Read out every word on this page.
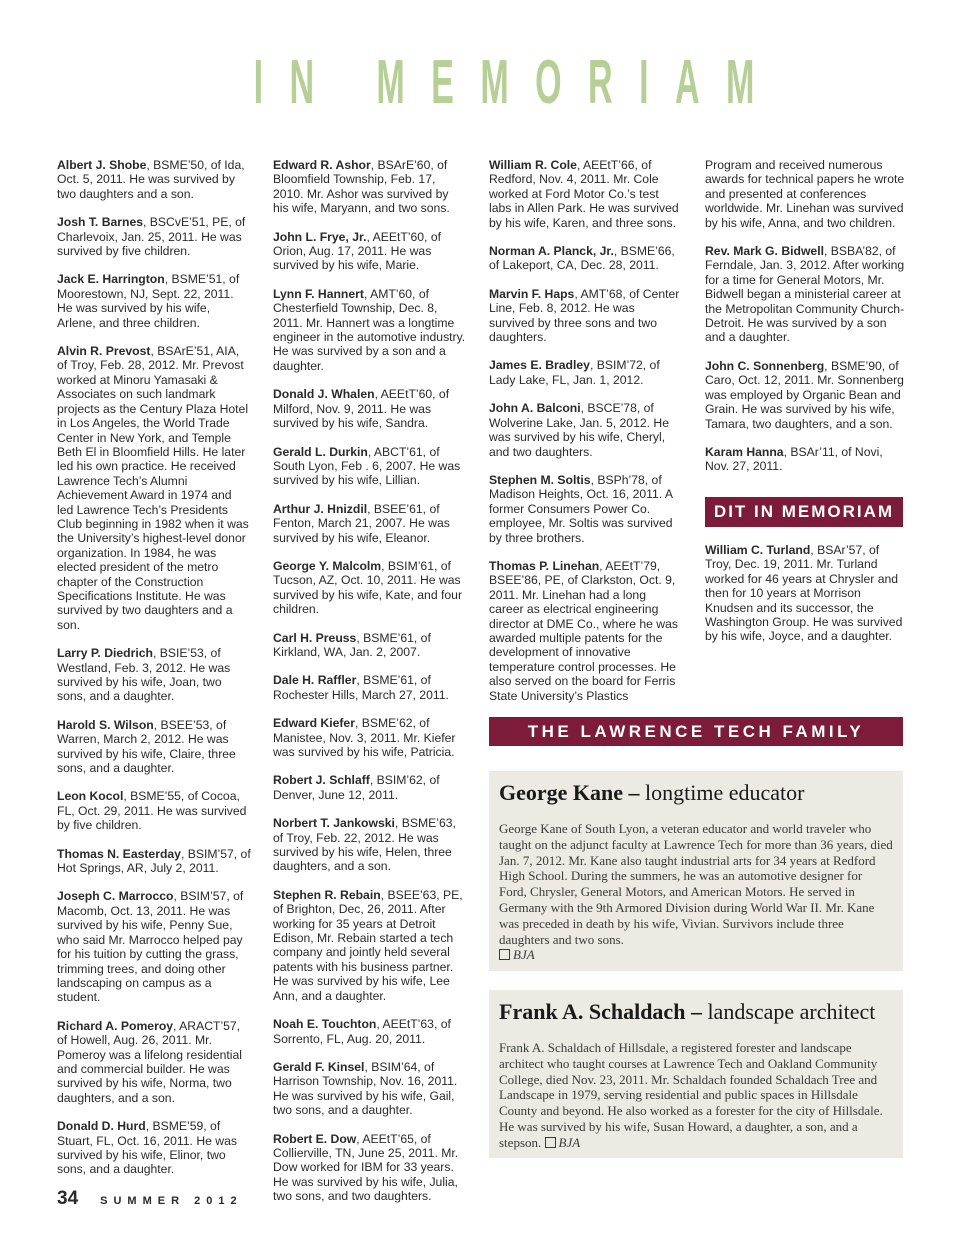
IN MEMORIAM
Albert J. Shobe, BSME’50, of Ida, Oct. 5, 2011. He was survived by two daughters and a son.
Josh T. Barnes, BSCvE’51, PE, of Charlevoix, Jan. 25, 2011. He was survived by five children.
Jack E. Harrington, BSME’51, of Moorestown, NJ, Sept. 22, 2011. He was survived by his wife, Arlene, and three children.
Alvin R. Prevost, BSArE’51, AIA, of Troy, Feb. 28, 2012. Mr. Prevost worked at Minoru Yamasaki & Associates on such landmark projects as the Century Plaza Hotel in Los Angeles, the World Trade Center in New York, and Temple Beth El in Bloomfield Hills. He later led his own practice. He received Lawrence Tech’s Alumni Achievement Award in 1974 and led Lawrence Tech’s Presidents Club beginning in 1982 when it was the University’s highest-level donor organization. In 1984, he was elected president of the metro chapter of the Construction Specifications Institute. He was survived by two daughters and a son.
Larry P. Diedrich, BSIE’53, of Westland, Feb. 3, 2012. He was survived by his wife, Joan, two sons, and a daughter.
Harold S. Wilson, BSEE’53, of Warren, March 2, 2012. He was survived by his wife, Claire, three sons, and a daughter.
Leon Kocol, BSME’55, of Cocoa, FL, Oct. 29, 2011. He was survived by five children.
Thomas N. Easterday, BSIM’57, of Hot Springs, AR, July 2, 2011.
Joseph C. Marrocco, BSIM’57, of Macomb, Oct. 13, 2011. He was survived by his wife, Penny Sue, who said Mr. Marrocco helped pay for his tuition by cutting the grass, trimming trees, and doing other landscaping on campus as a student.
Richard A. Pomeroy, ARACT’57, of Howell, Aug. 26, 2011. Mr. Pomeroy was a lifelong residential and commercial builder. He was survived by his wife, Norma, two daughters, and a son.
Donald D. Hurd, BSME’59, of Stuart, FL, Oct. 16, 2011. He was survived by his wife, Elinor, two sons, and a daughter.
Edward R. Ashor, BSArE’60, of Bloomfield Township, Feb. 17, 2010. Mr. Ashor was survived by his wife, Maryann, and two sons.
John L. Frye, Jr., AEEtT’60, of Orion, Aug. 17, 2011. He was survived by his wife, Marie.
Lynn F. Hannert, AMT’60, of Chesterfield Township, Dec. 8, 2011. Mr. Hannert was a longtime engineer in the automotive industry. He was survived by a son and a daughter.
Donald J. Whalen, AEEtT’60, of Milford, Nov. 9, 2011. He was survived by his wife, Sandra.
Gerald L. Durkin, ABCT’61, of South Lyon, Feb . 6, 2007. He was survived by his wife, Lillian.
Arthur J. Hnizdil, BSEE’61, of Fenton, March 21, 2007. He was survived by his wife, Eleanor.
George Y. Malcolm, BSIM’61, of Tucson, AZ, Oct. 10, 2011. He was survived by his wife, Kate, and four children.
Carl H. Preuss, BSME’61, of Kirkland, WA, Jan. 2, 2007.
Dale H. Raffler, BSME’61, of Rochester Hills, March 27, 2011.
Edward Kiefer, BSME’62, of Manistee, Nov. 3, 2011. Mr. Kiefer was survived by his wife, Patricia.
Robert J. Schlaff, BSIM’62, of Denver, June 12, 2011.
Norbert T. Jankowski, BSME’63, of Troy, Feb. 22, 2012. He was survived by his wife, Helen, three daughters, and a son.
Stephen R. Rebain, BSEE’63, PE, of Brighton, Dec, 26, 2011. After working for 35 years at Detroit Edison, Mr. Rebain started a tech company and jointly held several patents with his business partner. He was survived by his wife, Lee Ann, and a daughter.
Noah E. Touchton, AEEtT’63, of Sorrento, FL, Aug. 20, 2011.
Gerald F. Kinsel, BSIM’64, of Harrison Township, Nov. 16, 2011. He was survived by his wife, Gail, two sons, and a daughter.
Robert E. Dow, AEEtT’65, of Collierville, TN, June 25, 2011. Mr. Dow worked for IBM for 33 years. He was survived by his wife, Julia, two sons, and two daughters.
William R. Cole, AEEtT’66, of Redford, Nov. 4, 2011. Mr. Cole worked at Ford Motor Co.’s test labs in Allen Park. He was survived by his wife, Karen, and three sons.
Norman A. Planck, Jr., BSME’66, of Lakeport, CA, Dec. 28, 2011.
Marvin F. Haps, AMT’68, of Center Line, Feb. 8, 2012. He was survived by three sons and two daughters.
James E. Bradley, BSIM’72, of Lady Lake, FL, Jan. 1, 2012.
John A. Balconi, BSCE’78, of Wolverine Lake, Jan. 5, 2012. He was survived by his wife, Cheryl, and two daughters.
Stephen M. Soltis, BSPh’78, of Madison Heights, Oct. 16, 2011. A former Consumers Power Co. employee, Mr. Soltis was survived by three brothers.
Thomas P. Linehan, AEEtT’79, BSEE’86, PE, of Clarkston, Oct. 9, 2011. Mr. Linehan had a long career as electrical engineering director at DME Co., where he was awarded multiple patents for the development of innovative temperature control processes. He also served on the board for Ferris State University’s Plastics
Program and received numerous awards for technical papers he wrote and presented at conferences worldwide. Mr. Linehan was survived by his wife, Anna, and two children.
Rev. Mark G. Bidwell, BSBA’82, of Ferndale, Jan. 3, 2012. After working for a time for General Motors, Mr. Bidwell began a ministerial career at the Metropolitan Community Church-Detroit. He was survived by a son and a daughter.
John C. Sonnenberg, BSME’90, of Caro, Oct. 12, 2011. Mr. Sonnenberg was employed by Organic Bean and Grain. He was survived by his wife, Tamara, two daughters, and a son.
Karam Hanna, BSAr’11, of Novi, Nov. 27, 2011.
DIT IN MEMORIAM
William C. Turland, BSAr’57, of Troy, Dec. 19, 2011. Mr. Turland worked for 46 years at Chrysler and then for 10 years at Morrison Knudsen and its successor, the Washington Group. He was survived by his wife, Joyce, and a daughter.
THE LAWRENCE TECH FAMILY
George Kane – longtime educator

George Kane of South Lyon, a veteran educator and world traveler who taught on the adjunct faculty at Lawrence Tech for more than 36 years, died Jan. 7, 2012. Mr. Kane also taught industrial arts for 34 years at Redford High School. During the summers, he was an automotive designer for Ford, Chrysler, General Motors, and American Motors. He served in Germany with the 9th Armored Division during World War II. Mr. Kane was preceded in death by his wife, Vivian. Survivors include three daughters and two sons.
BJA

Frank A. Schaldach – landscape architect

Frank A. Schaldach of Hillsdale, a registered forester and landscape architect who taught courses at Lawrence Tech and Oakland Community College, died Nov. 23, 2011. Mr. Schaldach founded Schaldach Tree and Landscape in 1979, serving residential and public spaces in Hillsdale County and beyond. He also worked as a forester for the city of Hillsdale. He was survived by his wife, Susan Howard, a daughter, a son, and a stepson. BJA

34 SUMMER 2012
